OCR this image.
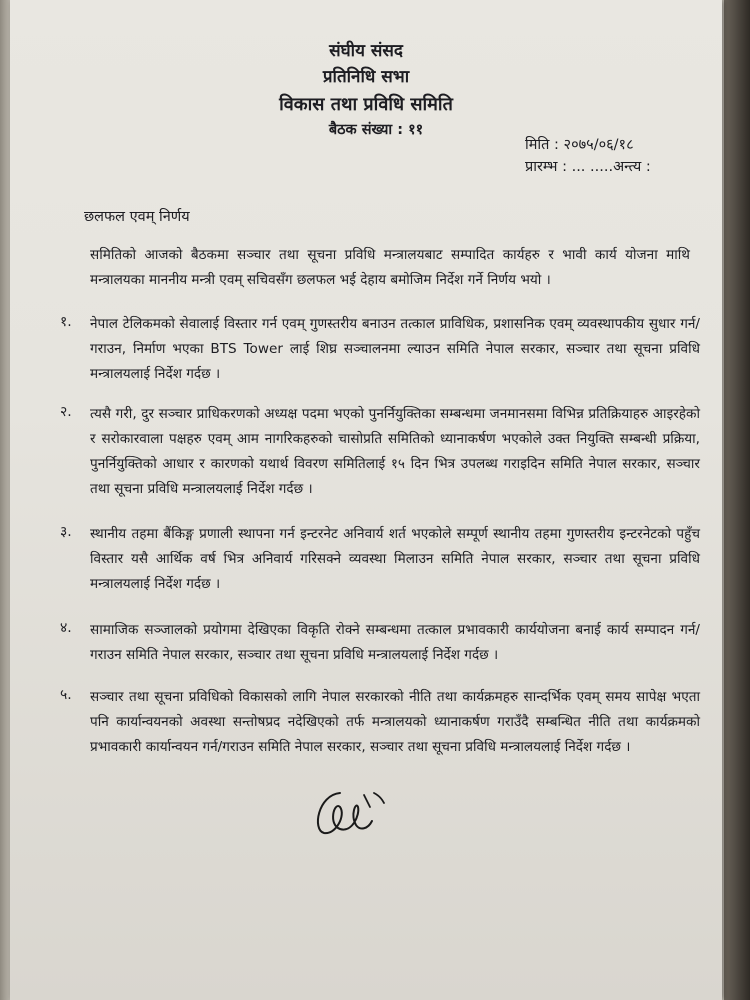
संघीय संसद
प्रतिनिधि सभा
विकास तथा प्रविधि समिति
बैठक संख्या : ११
मिति : २०७५/०६/१८
प्रारम्भ : ... .....अन्त्य :
छलफल एवम् निर्णय
समितिको आजको बैठकमा सञ्चार तथा सूचना प्रविधि मन्त्रालयबाट सम्पादित कार्यहरु र भावी कार्य योजना माथि मन्त्रालयका माननीय मन्त्री एवम् सचिवसँग छलफल भई देहाय बमोजिम निर्देश गर्ने निर्णय भयो ।
१. नेपाल टेलिकमको सेवालाई विस्तार गर्न एवम् गुणस्तरीय बनाउन तत्काल प्राविधिक, प्रशासनिक एवम् व्यवस्थापकीय सुधार गर्न/गराउन, निर्माण भएका BTS Tower लाई शिघ्र सञ्चालनमा ल्याउन समिति नेपाल सरकार, सञ्चार तथा सूचना प्रविधि मन्त्रालयलाई निर्देश गर्दछ ।
२. त्यसै गरी, दुर सञ्चार प्राधिकरणको अध्यक्ष पदमा भएको पुनर्नियुक्तिका सम्बन्धमा जनमानसमा विभिन्न प्रतिक्रियाहरु आइरहेको र सरोकारवाला पक्षहरु एवम् आम नागरिकहरुको चासोप्रति समितिको ध्यानाकर्षण भएकोले उक्त नियुक्ति सम्बन्धी प्रक्रिया, पुनर्नियुक्तिको आधार र कारणको यथार्थ विवरण समितिलाई १५ दिन भित्र उपलब्ध गराइदिन समिति नेपाल सरकार, सञ्चार तथा सूचना प्रविधि मन्त्रालयलाई निर्देश गर्दछ ।
३. स्थानीय तहमा बैंकिङ्ग प्रणाली स्थापना गर्न इन्टरनेट अनिवार्य शर्त भएकोले सम्पूर्ण स्थानीय तहमा गुणस्तरीय इन्टरनेटको पहुँच विस्तार यसै आर्थिक वर्ष भित्र अनिवार्य गरिसक्ने व्यवस्था मिलाउन समिति नेपाल सरकार, सञ्चार तथा सूचना प्रविधि मन्त्रालयलाई निर्देश गर्दछ ।
४. सामाजिक सञ्जालको प्रयोगमा देखिएका विकृति रोक्ने सम्बन्धमा तत्काल प्रभावकारी कार्ययोजना बनाई कार्य सम्पादन गर्न/गराउन समिति नेपाल सरकार, सञ्चार तथा सूचना प्रविधि मन्त्रालयलाई निर्देश गर्दछ ।
५. सञ्चार तथा सूचना प्रविधिको विकासको लागि नेपाल सरकारको नीति तथा कार्यक्रमहरु सान्दर्भिक एवम् समय सापेक्ष भएता पनि कार्यान्वयनको अवस्था सन्तोषप्रद नदेखिएको तर्फ मन्त्रालयको ध्यानाकर्षण गराउँदै सम्बन्धित नीति तथा कार्यक्रमको प्रभावकारी कार्यान्वयन गर्न/गराउन समिति नेपाल सरकार, सञ्चार तथा सूचना प्रविधि मन्त्रालयलाई निर्देश गर्दछ ।
